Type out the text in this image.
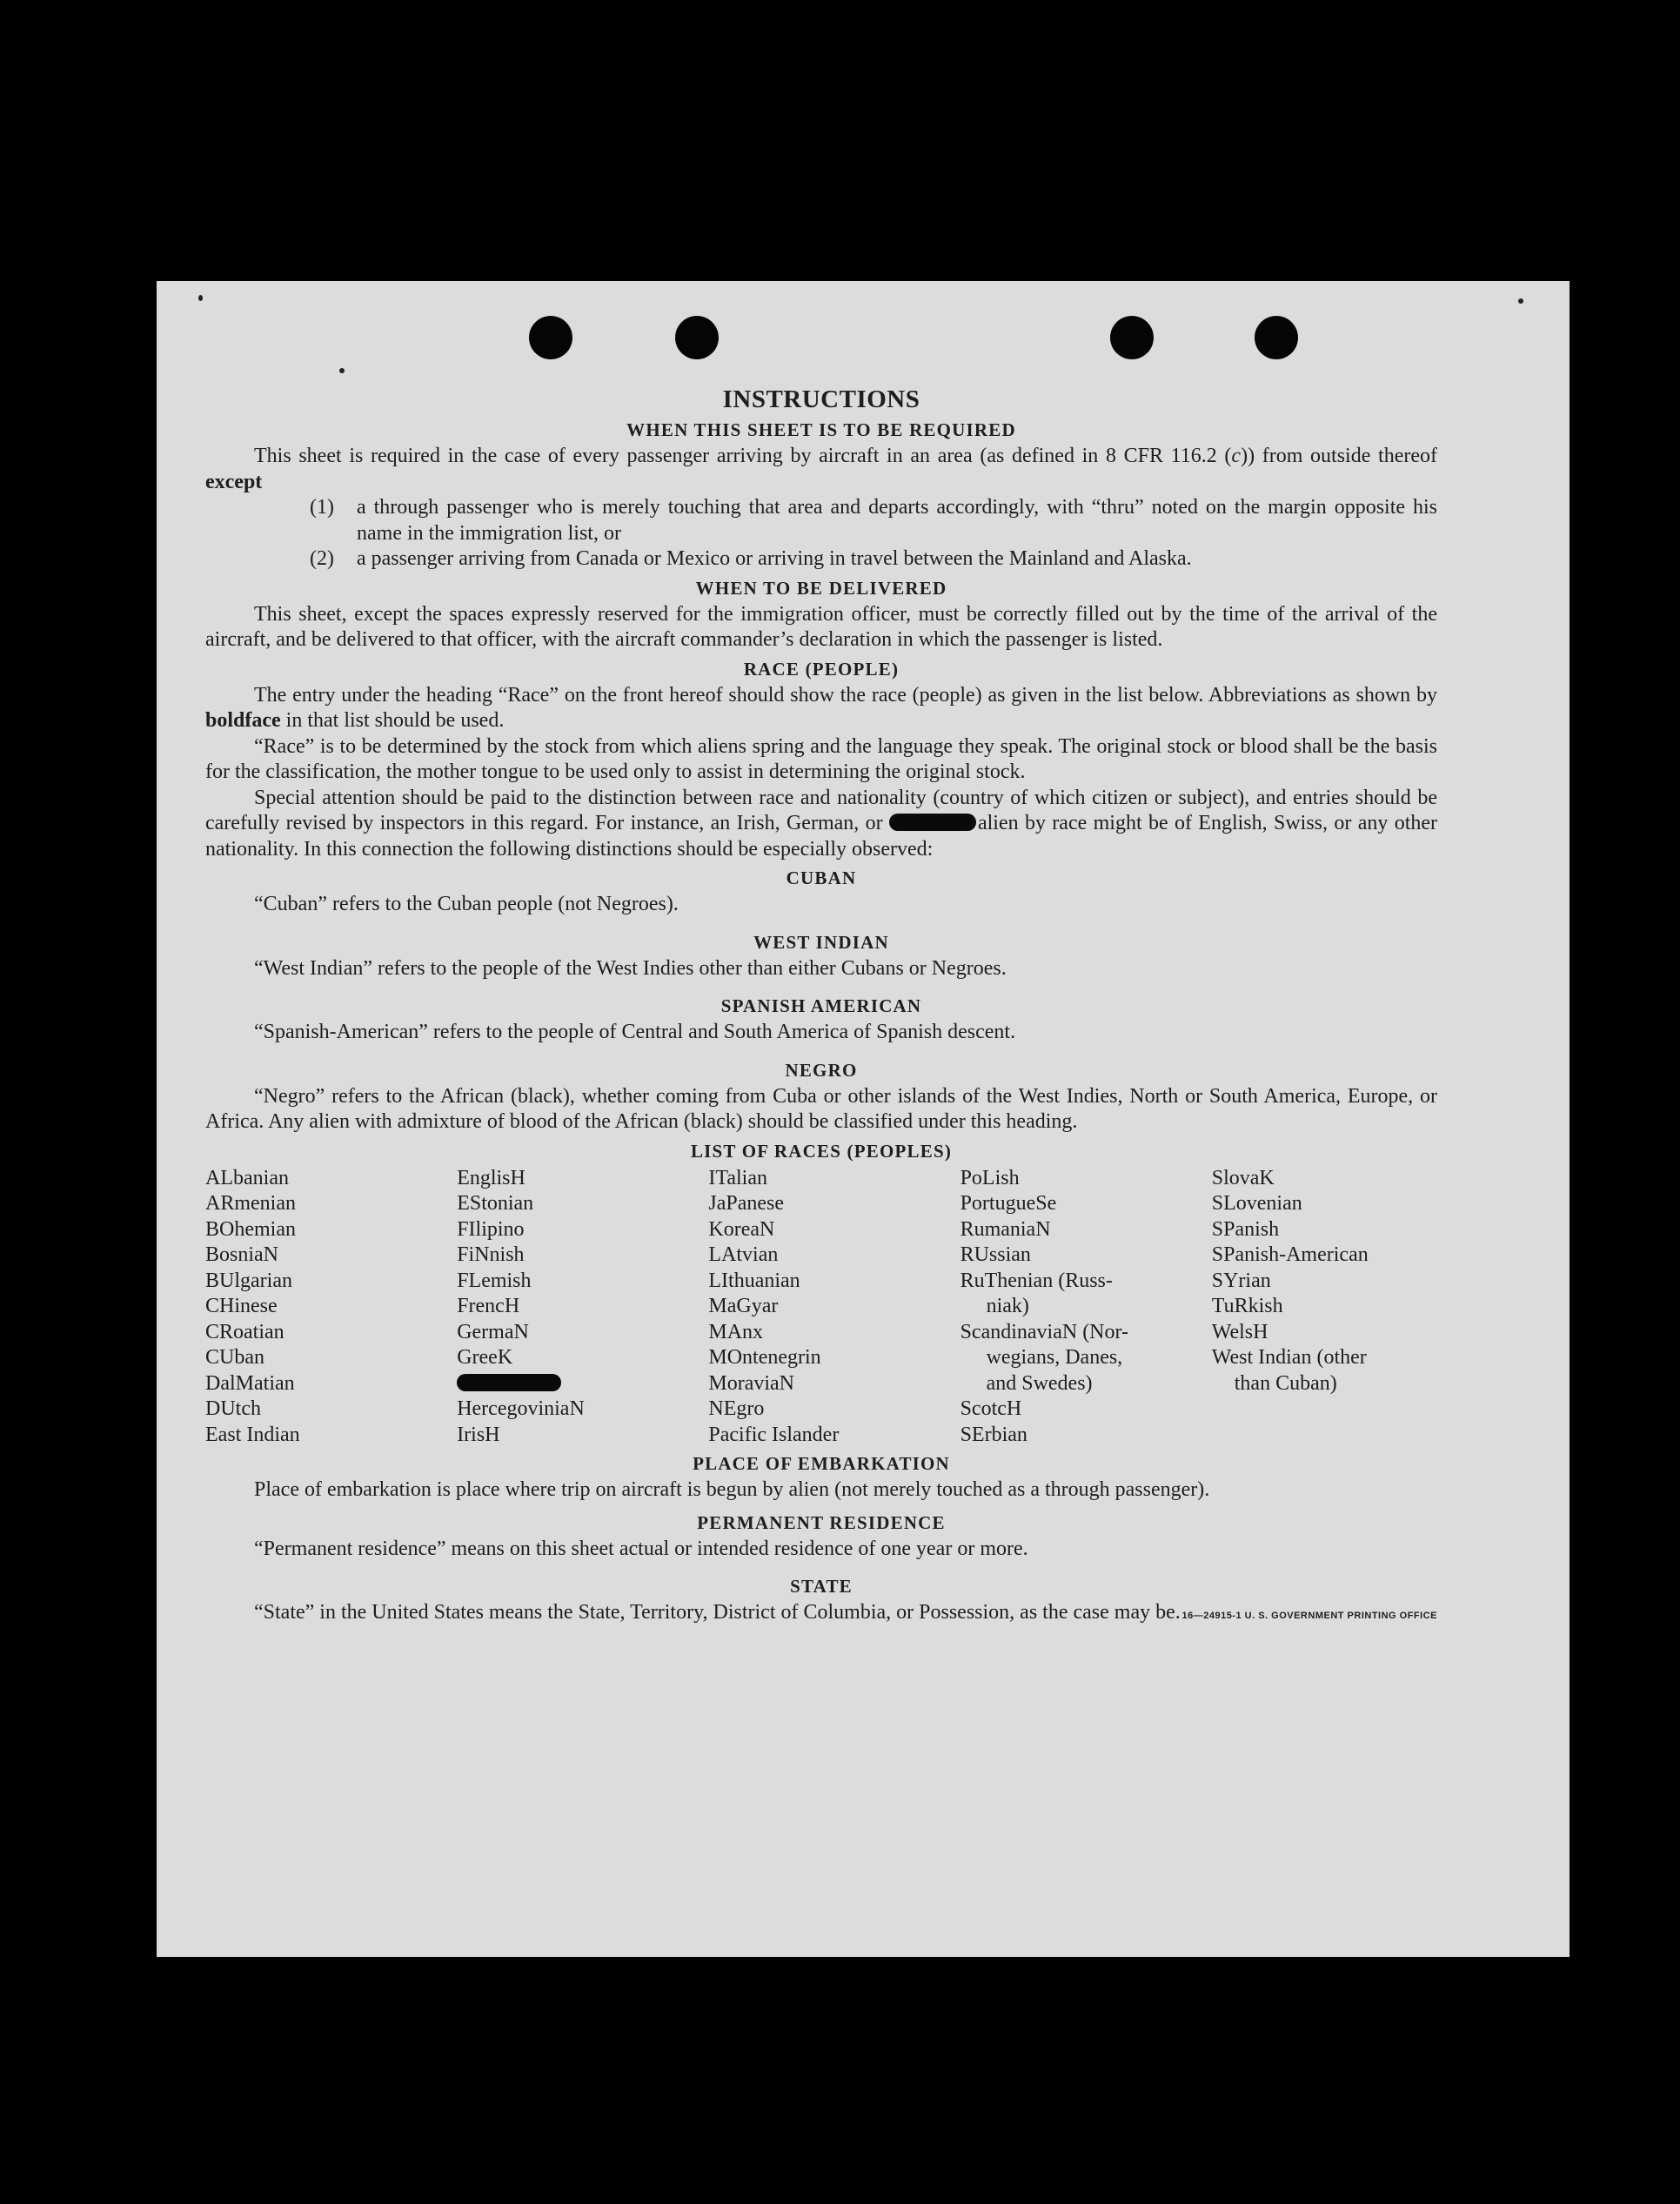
INSTRUCTIONS
WHEN THIS SHEET IS TO BE REQUIRED

This sheet is required in the case of every passenger arriving by aircraft in an area (as defined in 8 CFR 116.2 (c)) from outside thereof except

(1)	a through passenger who is merely touching that area and departs accordingly, with “thru” noted on the margin opposite his name in the immigration list, or
(2)	a passenger arriving from Canada or Mexico or arriving in travel between the Mainland and Alaska.
WHEN TO BE DELIVERED

This sheet, except the spaces expressly reserved for the immigration officer, must be correctly filled out by the time of the arrival of the aircraft, and be delivered to that officer, with the aircraft commander’s declaration in which the passenger is listed.

RACE (PEOPLE)

The entry under the heading “Race” on the front hereof should show the race (people) as given in the list below. Abbreviations as shown by boldface in that list should be used.

“Race” is to be determined by the stock from which aliens spring and the language they speak. The original stock or blood shall be the basis for the classification, the mother tongue to be used only to assist in determining the original stock.

Special attention should be paid to the distinction between race and nationality (country of which citizen or subject), and entries should be carefully revised by inspectors in this regard. For instance, an Irish, German, or	alien by race might be of English, Swiss, or any other nationality. In this connection the following distinctions should be especially observed:

CUBAN

“Cuban” refers to the Cuban people (not Negroes).

WEST INDIAN

“West Indian” refers to the people of the West Indies other than either Cubans or Negroes.

SPANISH AMERICAN

“Spanish-American” refers to the people of Central and South America of Spanish descent.

NEGRO

“Negro” refers to the African (black), whether coming from Cuba or other islands of the West Indies, North or South America, Europe, or Africa. Any alien with admixture of blood of the African (black) should be classified under this heading.

LIST OF RACES (PEOPLES)
ALbanian
ARmenian
BOhemian
BosniaN
BUlgarian
CHinese
CRoatian
CUban
DalMatian
DUtch
East Indian
EnglisH
EStonian
FIlipino
FiNnish
FLemish
FrencH
GermaN
GreeK
HercegoviniaN
IrisH
ITalian
JaPanese
KoreaN
LAtvian
LIthuanian
MaGyar
MAnx
MOntenegrin
MoraviaN
NEgro
Pacific Islander
PoLish
PortugueSe
RumaniaN
RUssian
RuThenian (Russ-
niak)
ScandinaviaN (Nor-
wegians, Danes,
and Swedes)
ScotcH
SErbian
SlovaK
SLovenian
SPanish
SPanish-American
SYrian
TuRkish
WelsH
West Indian (other
than Cuban)
PLACE OF EMBARKATION

Place of embarkation is place where trip on aircraft is begun by alien (not merely touched as a through passenger).

PERMANENT RESIDENCE

“Permanent residence” means on this sheet actual or intended residence of one year or more.

STATE

“State” in the United States means the State, Territory, District of Columbia, or Possession, as the case may be. 16—24915-1 U. S. GOVERNMENT PRINTING OFFICE
